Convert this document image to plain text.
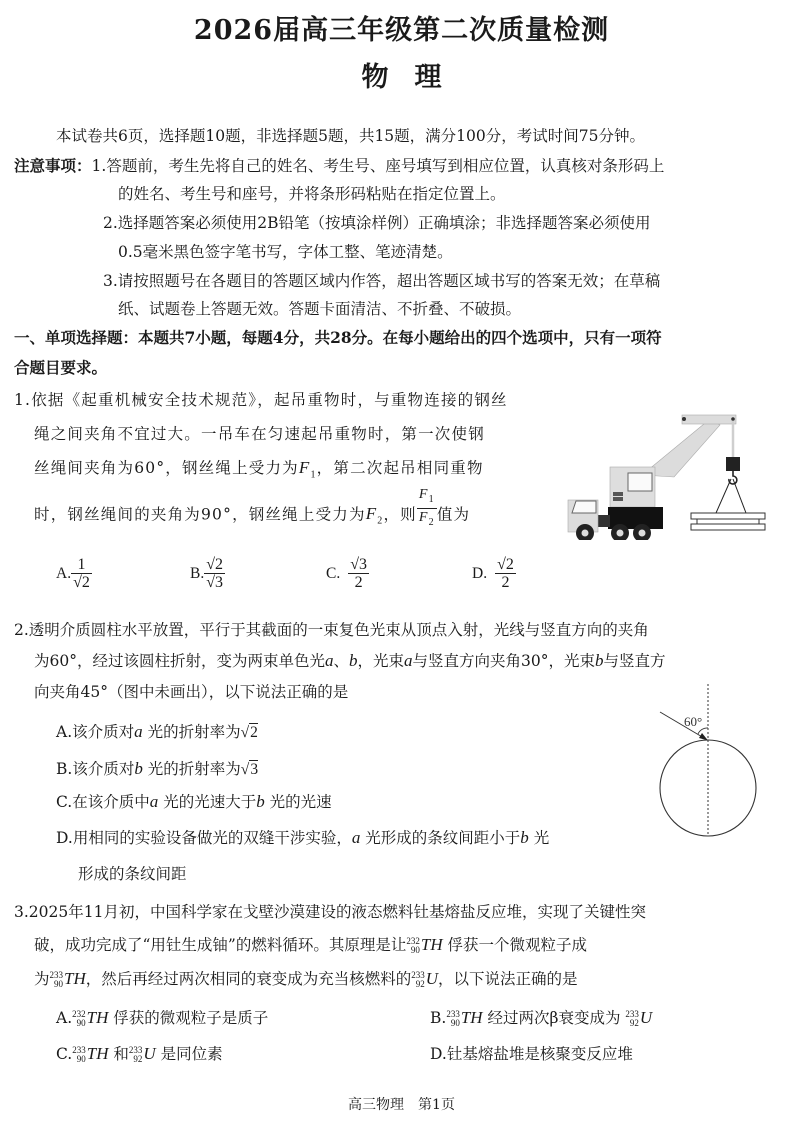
2026届高三年级第二次质量检测
物理
本试卷共6页，选择题10题，非选择题5题，共15题，满分100分，考试时间75分钟。
注意事项：1.答题前，考生先将自己的姓名、考生号、座号填写到相应位置，认真核对条形码上
的姓名、考生号和座号，并将条形码粘贴在指定位置上。
2.选择题答案必须使用2B铅笔（按填涂样例）正确填涂；非选择题答案必须使用
0.5毫米黑色签字笔书写，字体工整、笔迹清楚。
3.请按照题号在各题目的答题区域内作答，超出答题区域书写的答案无效；在草稿
纸、试题卷上答题无效。答题卡面清洁、不折叠、不破损。
一、单项选择题：本题共7小题，每题4分，共28分。在每小题给出的四个选项中，只有一项符
合题目要求。
1.依据《起重机械安全技术规范》，起吊重物时，与重物连接的钢丝
绳之间夹角不宜过大。一吊车在匀速起吊重物时，第一次使钢
丝绳间夹角为60°，钢丝绳上受力为$F_1$，第二次起吊相同重物
时，钢丝绳间的夹角为90°，钢丝绳上受力为$F_2$，则 $\frac{F_1}{F_2}$ 值为
A. $\frac{1}{√2}$	B. $\frac{√2}{√3}$	C. $\frac{√3}{2}$	D. $\frac{√2}{2}$
2.透明介质圆柱水平放置，平行于其截面的一束复色光束从顶点入射，光线与竖直方向的夹角
为60°，经过该圆柱折射，变为两束单色光a、b，光束a与竖直方向夹角30°，光束b与竖直方
向夹角45°（图中未画出），以下说法正确的是
A.该介质对a 光的折射率为√2
B.该介质对b 光的折射率为√3
C.在该介质中a 光的光速大于b 光的光速
D.用相同的实验设备做光的双缝干涉实验，a 光形成的条纹间距小于b 光
形成的条纹间距
60°
3.2025年11月初，中国科学家在戈壁沙漠建设的液态燃料钍基熔盐反应堆，实现了关键性突
破，成功完成了“用钍生成铀”的燃料循环。其原理是让 232
90 TH 俘获一个微观粒子成
为 233
90 TH，然后再经过两次相同的衰变成为充当核燃料的 233
92 U，以下说法正确的是
A. 232
90 TH 俘获的微观粒子是质子	B. 233
90 TH 经过两次β衰变成为 233
92 U
C. 233
90 TH 和 233
92 U 是同位素	D.钍基熔盐堆是核聚变反应堆
高三物理　第1页
